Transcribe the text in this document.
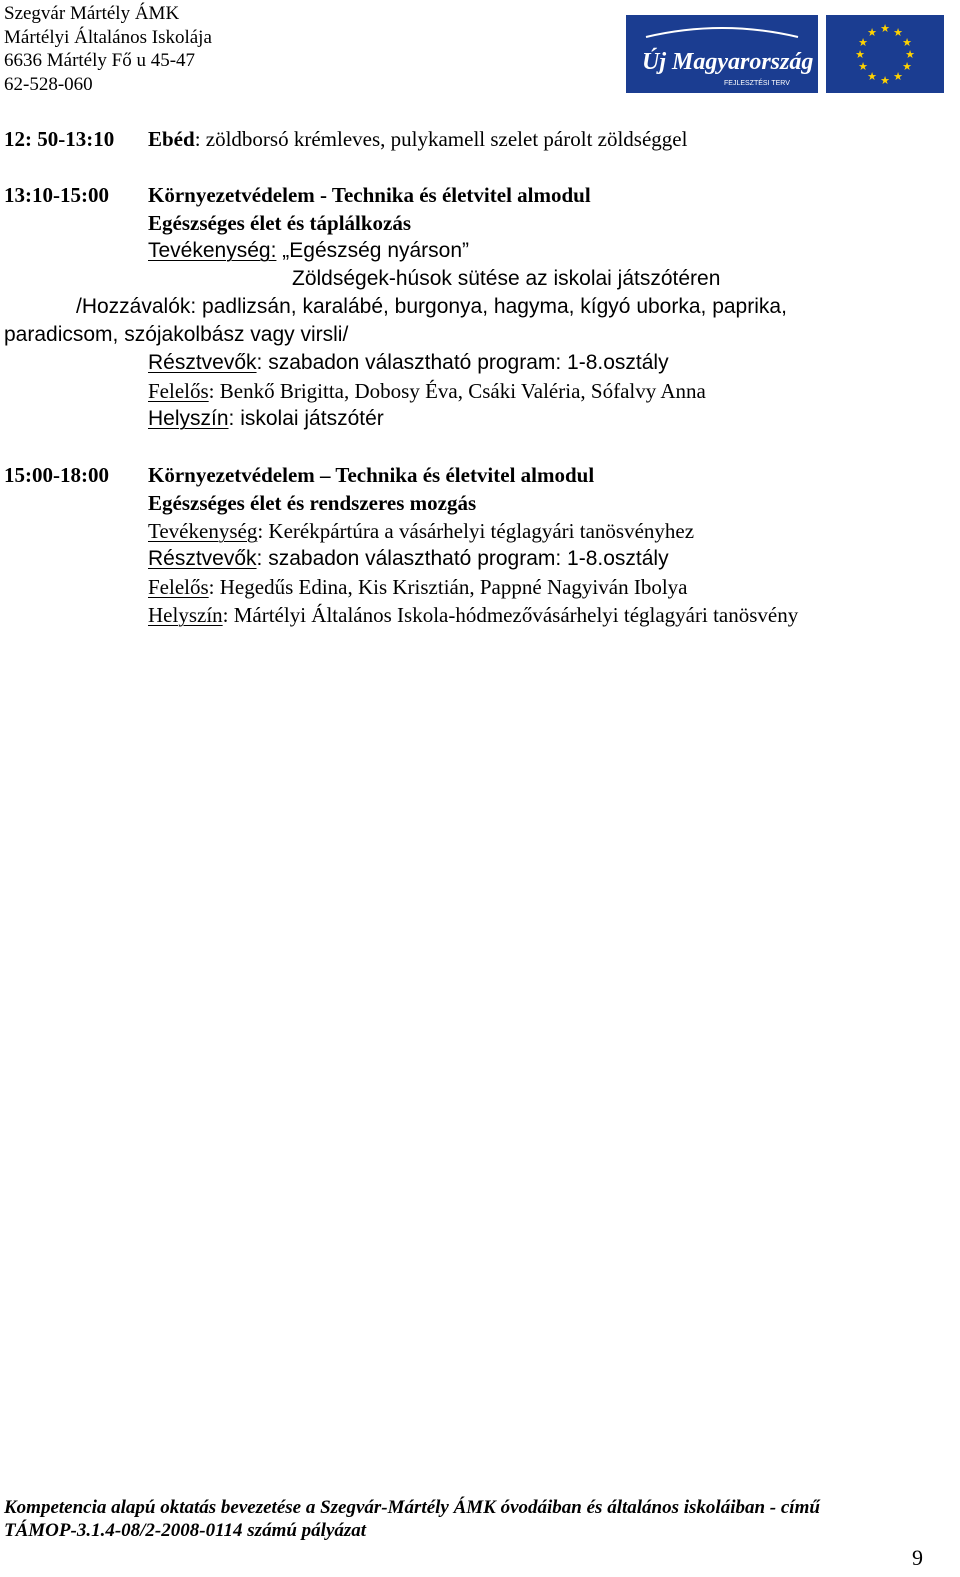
Szegvár Mártély ÁMK
Mártélyi Általános Iskolája
6636 Mártély Fő u 45-47
62-528-060
Új Magyarország
FEJLESZTÉSI TERV
★ ★
★
★
★
★
★
★
★
★
★
★
12: 50-13:10 Ebéd: zöldborsó krémleves, pulykamell szelet párolt zöldséggel
13:10-15:00 Környezetvédelem - Technika és életvitel almodul
Egészséges élet és táplálkozás
Tevékenység: „Egészség nyárson”
Zöldségek-húsok sütése az iskolai játszótéren
/Hozzávalók: padlizsán, karalábé, burgonya, hagyma, kígyó uborka, paprika,
paradicsom, szójakolbász vagy virsli/
Résztvevők: szabadon választható program: 1-8.osztály
Felelős: Benkő Brigitta, Dobosy Éva, Csáki Valéria, Sófalvy Anna
Helyszín: iskolai játszótér
15:00-18:00 Környezetvédelem – Technika és életvitel almodul
Egészséges élet és rendszeres mozgás
Tevékenység: Kerékpártúra a vásárhelyi téglagyári tanösvényhez
Résztvevők: szabadon választható program: 1-8.osztály
Felelős: Hegedűs Edina, Kis Krisztián, Pappné Nagyiván Ibolya
Helyszín: Mártélyi Általános Iskola-hódmezővásárhelyi téglagyári tanösvény
Kompetencia alapú oktatás bevezetése a Szegvár-Mártély ÁMK óvodáiban és általános iskoláiban - című
TÁMOP-3.1.4-08/2-2008-0114 számú pályázat
9
